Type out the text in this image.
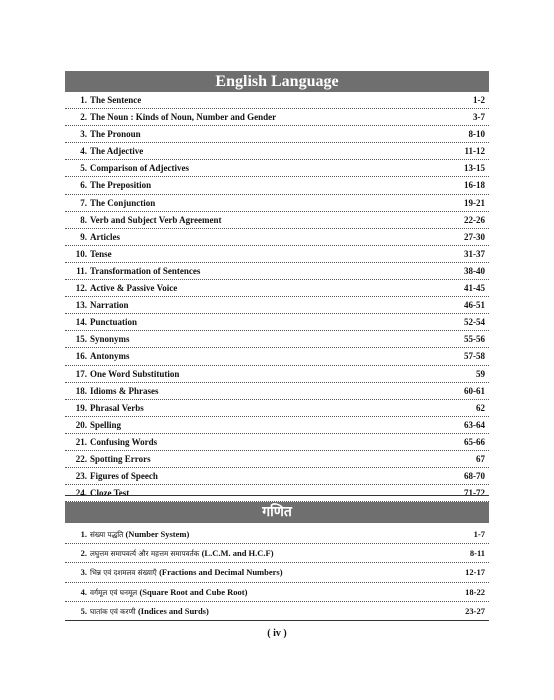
English Language
1. The Sentence	1-2
2. The Noun : Kinds of Noun, Number and Gender	3-7
3. The Pronoun	8-10
4. The Adjective	11-12
5. Comparison of Adjectives	13-15
6. The Preposition	16-18
7. The Conjunction	19-21
8. Verb and Subject Verb Agreement	22-26
9. Articles	27-30
10. Tense	31-37
11. Transformation of Sentences	38-40
12. Active & Passive Voice	41-45
13. Narration	46-51
14. Punctuation	52-54
15. Synonyms	55-56
16. Antonyms	57-58
17. One Word Substitution	59
18. Idioms & Phrases	60-61
19. Phrasal Verbs	62
20. Spelling	63-64
21. Confusing Words	65-66
22. Spotting Errors	67
23. Figures of Speech	68-70
24. Cloze Test	71-72
गणित
1. संख्या पद्धति (Number System)	1-7
2. लघुत्तम समापवर्त्य और महत्तम समापवर्तक (L.C.M. and H.C.F)	8-11
3. भिन्न एवं दशमलव संख्याएँ (Fractions and Decimal Numbers)	12-17
4. वर्गमूल एवं घनमूल (Square Root and Cube Root)	18-22
5. घातांक एवं करणी (Indices and Surds)	23-27
( iv )
